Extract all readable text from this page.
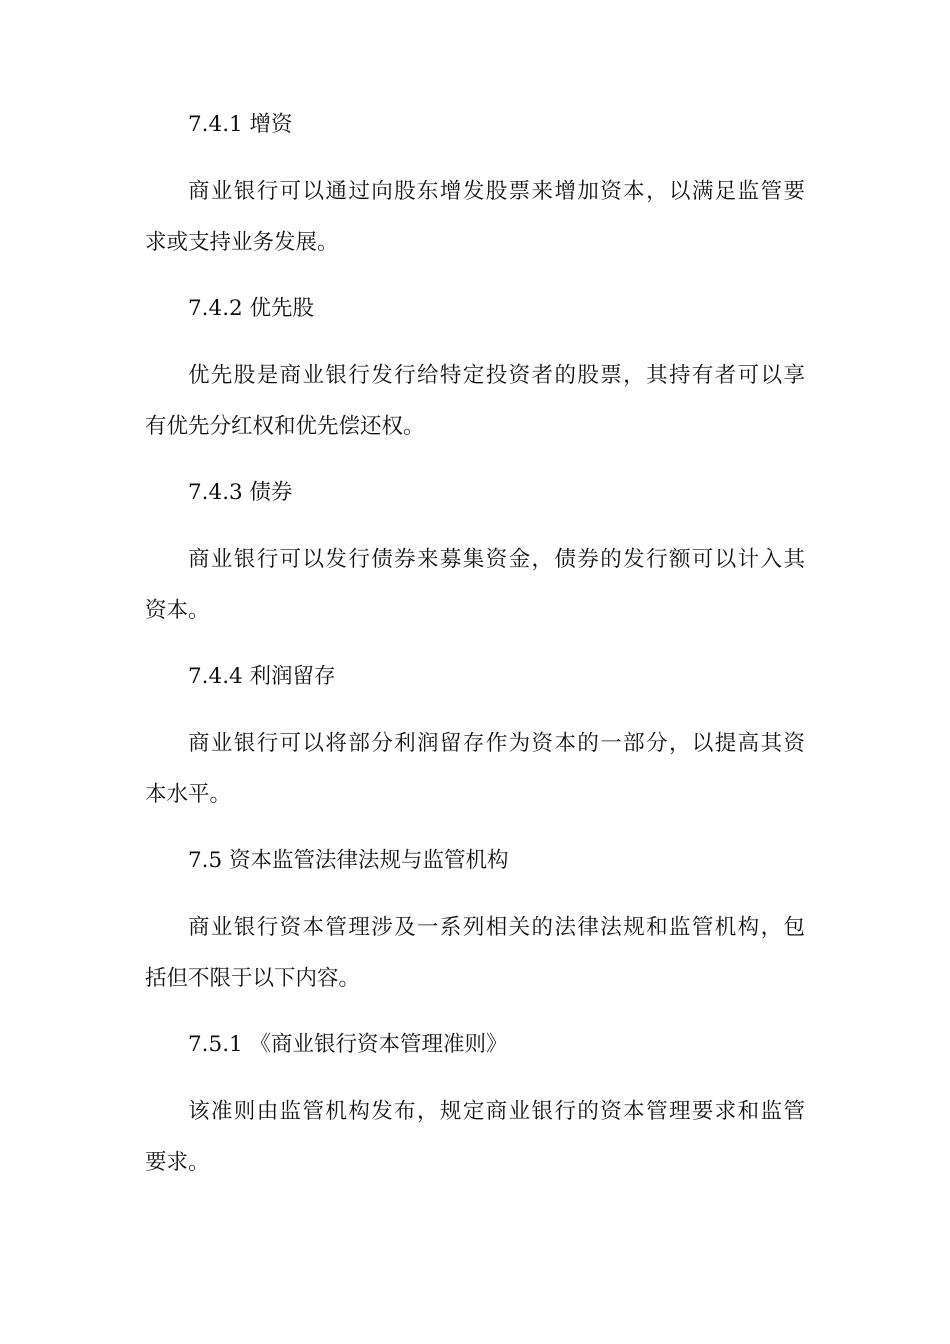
7.4.1 增资
商业银行可以通过向股东增发股票来增加资本，以满足监管要
求或支持业务发展。
7.4.2 优先股
优先股是商业银行发行给特定投资者的股票，其持有者可以享
有优先分红权和优先偿还权。
7.4.3 债券
商业银行可以发行债券来募集资金，债券的发行额可以计入其
资本。
7.4.4 利润留存
商业银行可以将部分利润留存作为资本的一部分，以提高其资
本水平。
7.5 资本监管法律法规与监管机构
商业银行资本管理涉及一系列相关的法律法规和监管机构，包
括但不限于以下内容。
7.5.1 《商业银行资本管理准则》
该准则由监管机构发布，规定商业银行的资本管理要求和监管
要求。
